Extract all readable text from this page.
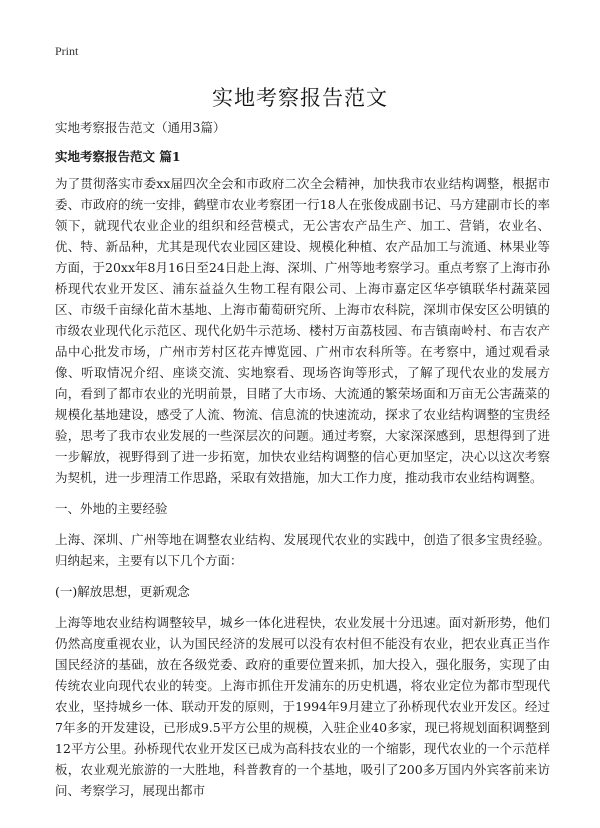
Print
实地考察报告范文

实地考察报告范文（通用3篇）

实地考察报告范文 篇1

为了贯彻落实市委xx届四次全会和市政府二次全会精神，加快我市农业结构调整，根据市委、市政府的统一安排，鹤壁市农业考察团一行18人在张俊成副书记、马方建副市长的率领下，就现代农业企业的组织和经营模式，无公害农产品生产、加工、营销，农业名、优、特、新品种，尤其是现代农业园区建设、规模化种植、农产品加工与流通、林果业等方面，于20xx年8月16日至24日赴上海、深圳、广州等地考察学习。重点考察了上海市孙桥现代农业开发区、浦东益益久生物工程有限公司、上海市嘉定区华亭镇联华村蔬菜园区、市级千亩绿化苗木基地、上海市葡萄研究所、上海市农科院，深圳市保安区公明镇的市级农业现代化示范区、现代化奶牛示范场、楼村万亩荔枝园、布吉镇南岭村、布吉农产品中心批发市场，广州市芳村区花卉博览园、广州市农科所等。在考察中，通过观看录像、听取情况介绍、座谈交流、实地察看、现场咨询等形式，了解了现代农业的发展方向，看到了都市农业的光明前景，目睹了大市场、大流通的繁荣场面和万亩无公害蔬菜的规模化基地建设，感受了人流、物流、信息流的快速流动，探求了农业结构调整的宝贵经验，思考了我市农业发展的一些深层次的问题。通过考察，大家深深感到，思想得到了进一步解放，视野得到了进一步拓宽，加快农业结构调整的信心更加坚定，决心以这次考察为契机，进一步理清工作思路，采取有效措施，加大工作力度，推动我市农业结构调整。

一、外地的主要经验

上海、深圳、广州等地在调整农业结构、发展现代农业的实践中，创造了很多宝贵经验。归纳起来，主要有以下几个方面：

(一)解放思想，更新观念

上海等地农业结构调整较早，城乡一体化进程快，农业发展十分迅速。面对新形势，他们仍然高度重视农业，认为国民经济的发展可以没有农村但不能没有农业，把农业真正当作国民经济的基础，放在各级党委、政府的重要位置来抓，加大投入，强化服务，实现了由传统农业向现代农业的转变。上海市抓住开发浦东的历史机遇，将农业定位为都市型现代农业，坚持城乡一体、联动开发的原则，于1994年9月建立了孙桥现代农业开发区。经过7年多的开发建设，已形成9.5平方公里的规模，入驻企业40多家，现已将规划面积调整到12平方公里。孙桥现代农业开发区已成为高科技农业的一个缩影，现代农业的一个示范样板，农业观光旅游的一大胜地，科普教育的一个基地，吸引了200多万国内外宾客前来访问、考察学习，展现出都市
